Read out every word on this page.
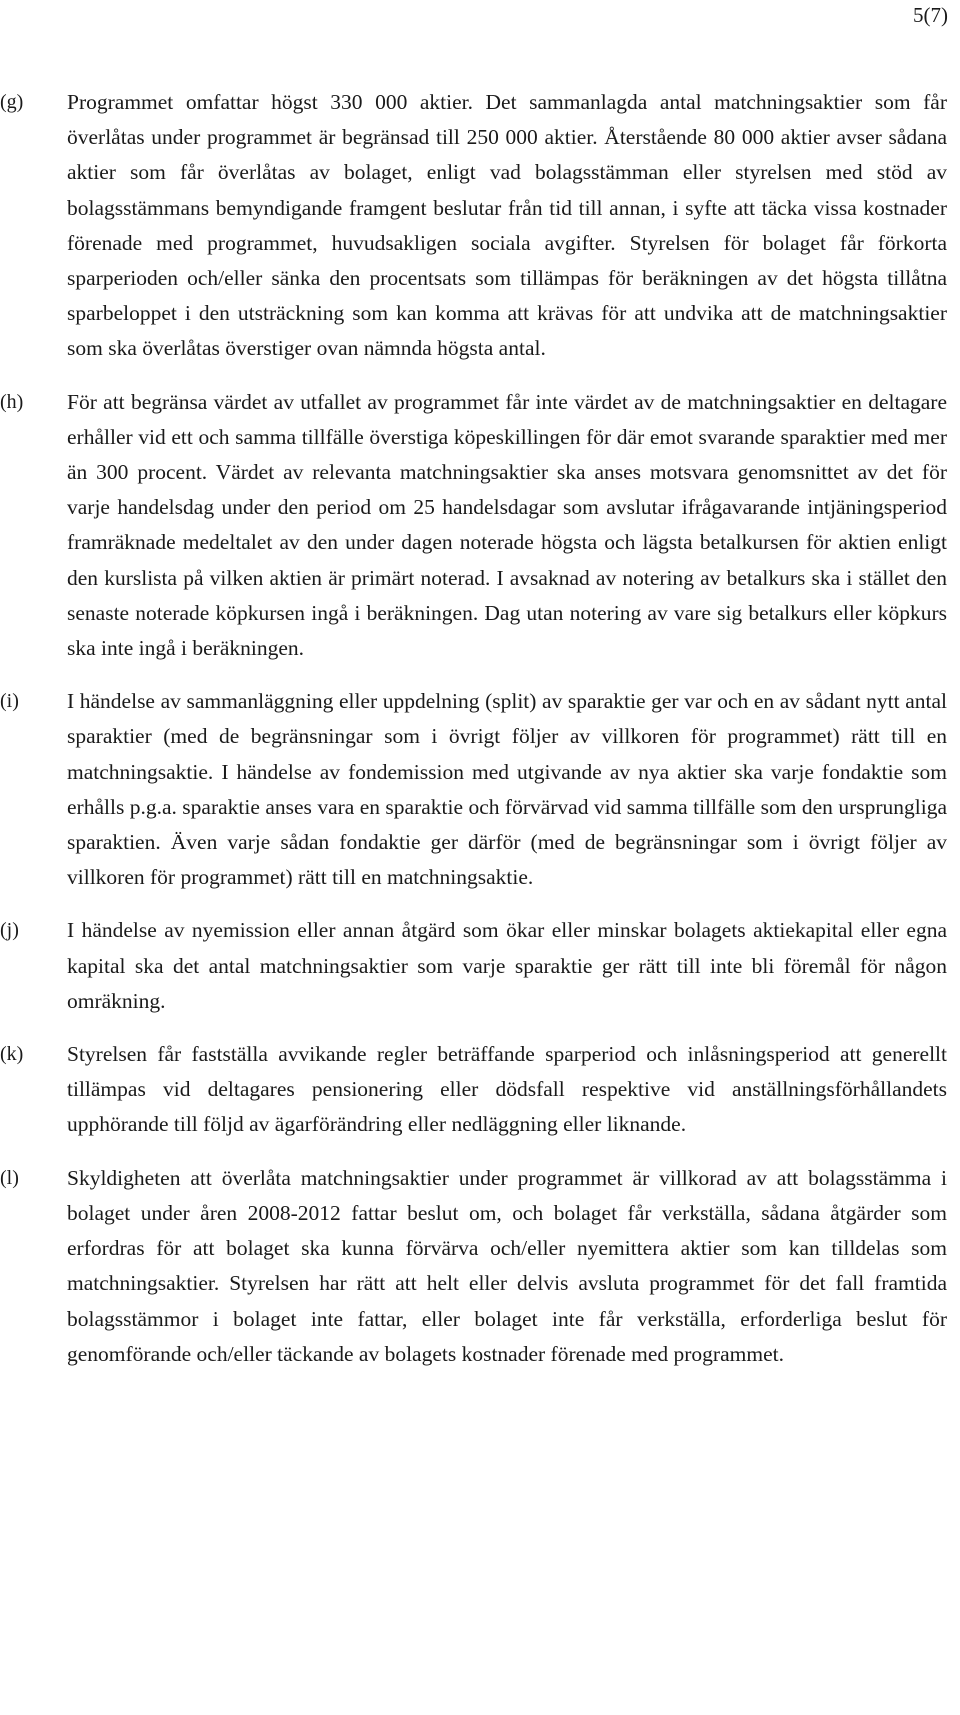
5(7)
(g) Programmet omfattar högst 330 000 aktier. Det sammanlagda antal matchningsaktier som får överlåtas under programmet är begränsad till 250 000 aktier. Återstående 80 000 aktier avser sådana aktier som får överlåtas av bolaget, enligt vad bolagsstämman eller styrelsen med stöd av bolagsstämmans bemyndigande framgent beslutar från tid till annan, i syfte att täcka vissa kostnader förenade med programmet, huvudsakligen sociala avgifter. Styrelsen för bolaget får förkorta sparperioden och/eller sänka den procentsats som tillämpas för beräkningen av det högsta tillåtna sparbeloppet i den utsträckning som kan komma att krävas för att undvika att de matchningsaktier som ska överlåtas överstiger ovan nämnda högsta antal.
(h) För att begränsa värdet av utfallet av programmet får inte värdet av de matchningsaktier en deltagare erhåller vid ett och samma tillfälle överstiga köpeskillingen för där emot svarande sparaktier med mer än 300 procent. Värdet av relevanta matchningsaktier ska anses motsvara genomsnittet av det för varje handelsdag under den period om 25 handelsdagar som avslutar ifrågavarande intjäningsperiod framräknade medeltalet av den under dagen noterade högsta och lägsta betalkursen för aktien enligt den kurslista på vilken aktien är primärt noterad. I avsaknad av notering av betalkurs ska i stället den senaste noterade köpkursen ingå i beräkningen. Dag utan notering av vare sig betalkurs eller köpkurs ska inte ingå i beräkningen.
(i) I händelse av sammanläggning eller uppdelning (split) av sparaktie ger var och en av sådant nytt antal sparaktier (med de begränsningar som i övrigt följer av villkoren för programmet) rätt till en matchningsaktie. I händelse av fondemission med utgivande av nya aktier ska varje fondaktie som erhålls p.g.a. sparaktie anses vara en sparaktie och förvärvad vid samma tillfälle som den ursprungliga sparaktien. Även varje sådan fondaktie ger därför (med de begränsningar som i övrigt följer av villkoren för programmet) rätt till en matchningsaktie.
(j) I händelse av nyemission eller annan åtgärd som ökar eller minskar bolagets aktiekapital eller egna kapital ska det antal matchningsaktier som varje sparaktie ger rätt till inte bli föremål för någon omräkning.
(k) Styrelsen får fastställa avvikande regler beträffande sparperiod och inlåsningsperiod att generellt tillämpas vid deltagares pensionering eller dödsfall respektive vid anställningsförhållandets upphörande till följd av ägarförändring eller nedläggning eller liknande.
(l) Skyldigheten att överlåta matchningsaktier under programmet är villkorad av att bolagsstämma i bolaget under åren 2008-2012 fattar beslut om, och bolaget får verkställa, sådana åtgärder som erfordras för att bolaget ska kunna förvärva och/eller nyemittera aktier som kan tilldelas som matchningsaktier. Styrelsen har rätt att helt eller delvis avsluta programmet för det fall framtida bolagsstämmor i bolaget inte fattar, eller bolaget inte får verkställa, erforderliga beslut för genomförande och/eller täckande av bolagets kostnader förenade med programmet.
